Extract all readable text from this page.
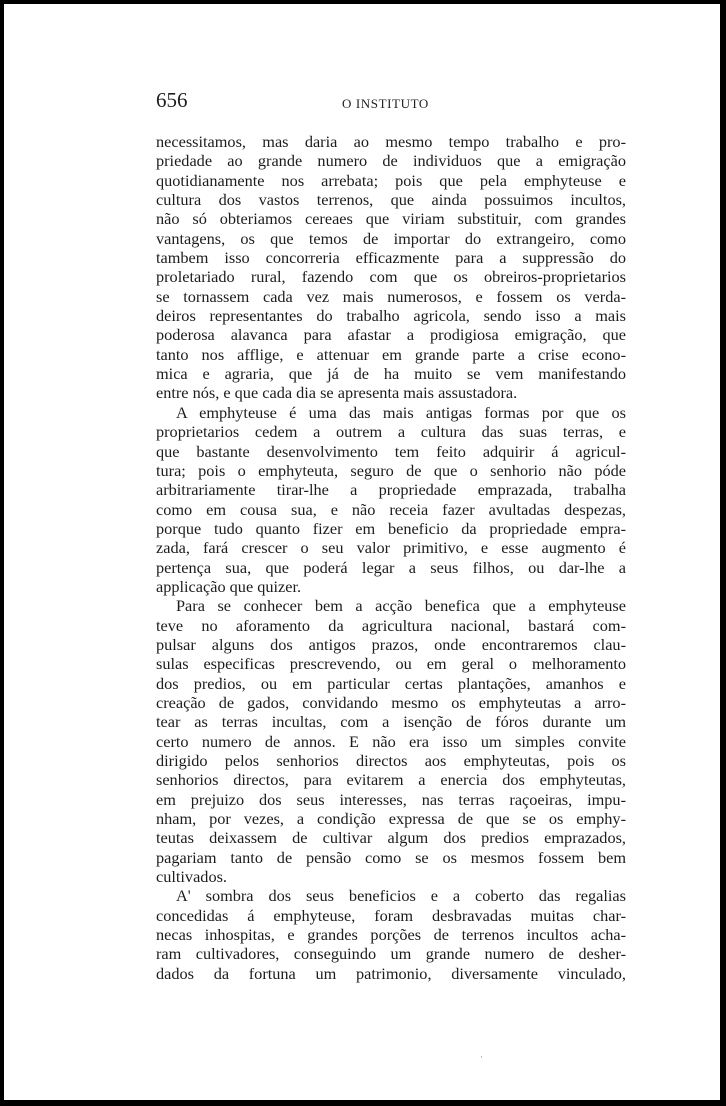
656	O INSTITUTO
necessitamos, mas daria ao mesmo tempo trabalho e pro-
priedade ao grande numero de individuos que a emigração
quotidianamente nos arrebata; pois que pela emphyteuse e
cultura dos vastos terrenos, que ainda possuimos incultos,
não só obteriamos cereaes que viriam substituir, com grandes
vantagens, os que temos de importar do extrangeiro, como
tambem isso concorreria efficazmente para a suppressão do
proletariado rural, fazendo com que os obreiros-proprietarios
se tornassem cada vez mais numerosos, e fossem os verda-
deiros representantes do trabalho agricola, sendo isso a mais
poderosa alavanca para afastar a prodigiosa emigração, que
tanto nos afflige, e attenuar em grande parte a crise econo-
mica e agraria, que já de ha muito se vem manifestando
entre nós, e que cada dia se apresenta mais assustadora.
A emphyteuse é uma das mais antigas formas por que os
proprietarios cedem a outrem a cultura das suas terras, e
que bastante desenvolvimento tem feito adquirir á agricul-
tura; pois o emphyteuta, seguro de que o senhorio não póde
arbitrariamente tirar-lhe a propriedade emprazada, trabalha
como em cousa sua, e não receia fazer avultadas despezas,
porque tudo quanto fizer em beneficio da propriedade empra-
zada, fará crescer o seu valor primitivo, e esse augmento é
pertença sua, que poderá legar a seus filhos, ou dar-lhe a
applicação que quizer.
Para se conhecer bem a acção benefica que a emphyteuse
teve no aforamento da agricultura nacional, bastará com-
pulsar alguns dos antigos prazos, onde encontraremos clau-
sulas especificas prescrevendo, ou em geral o melhoramento
dos predios, ou em particular certas plantações, amanhos e
creação de gados, convidando mesmo os emphyteutas a arro-
tear as terras incultas, com a isenção de fóros durante um
certo numero de annos. E não era isso um simples convite
dirigido pelos senhorios directos aos emphyteutas, pois os
senhorios directos, para evitarem a enercia dos emphyteutas,
em prejuizo dos seus interesses, nas terras raçoeiras, impu-
nham, por vezes, a condição expressa de que se os emphy-
teutas deixassem de cultivar algum dos predios emprazados,
pagariam tanto de pensão como se os mesmos fossem bem
cultivados.
A' sombra dos seus beneficios e a coberto das regalias
concedidas á emphyteuse, foram desbravadas muitas char-
necas inhospitas, e grandes porções de terrenos incultos acha-
ram cultivadores, conseguindo um grande numero de desher-
dados da fortuna um patrimonio, diversamente vinculado,
·
